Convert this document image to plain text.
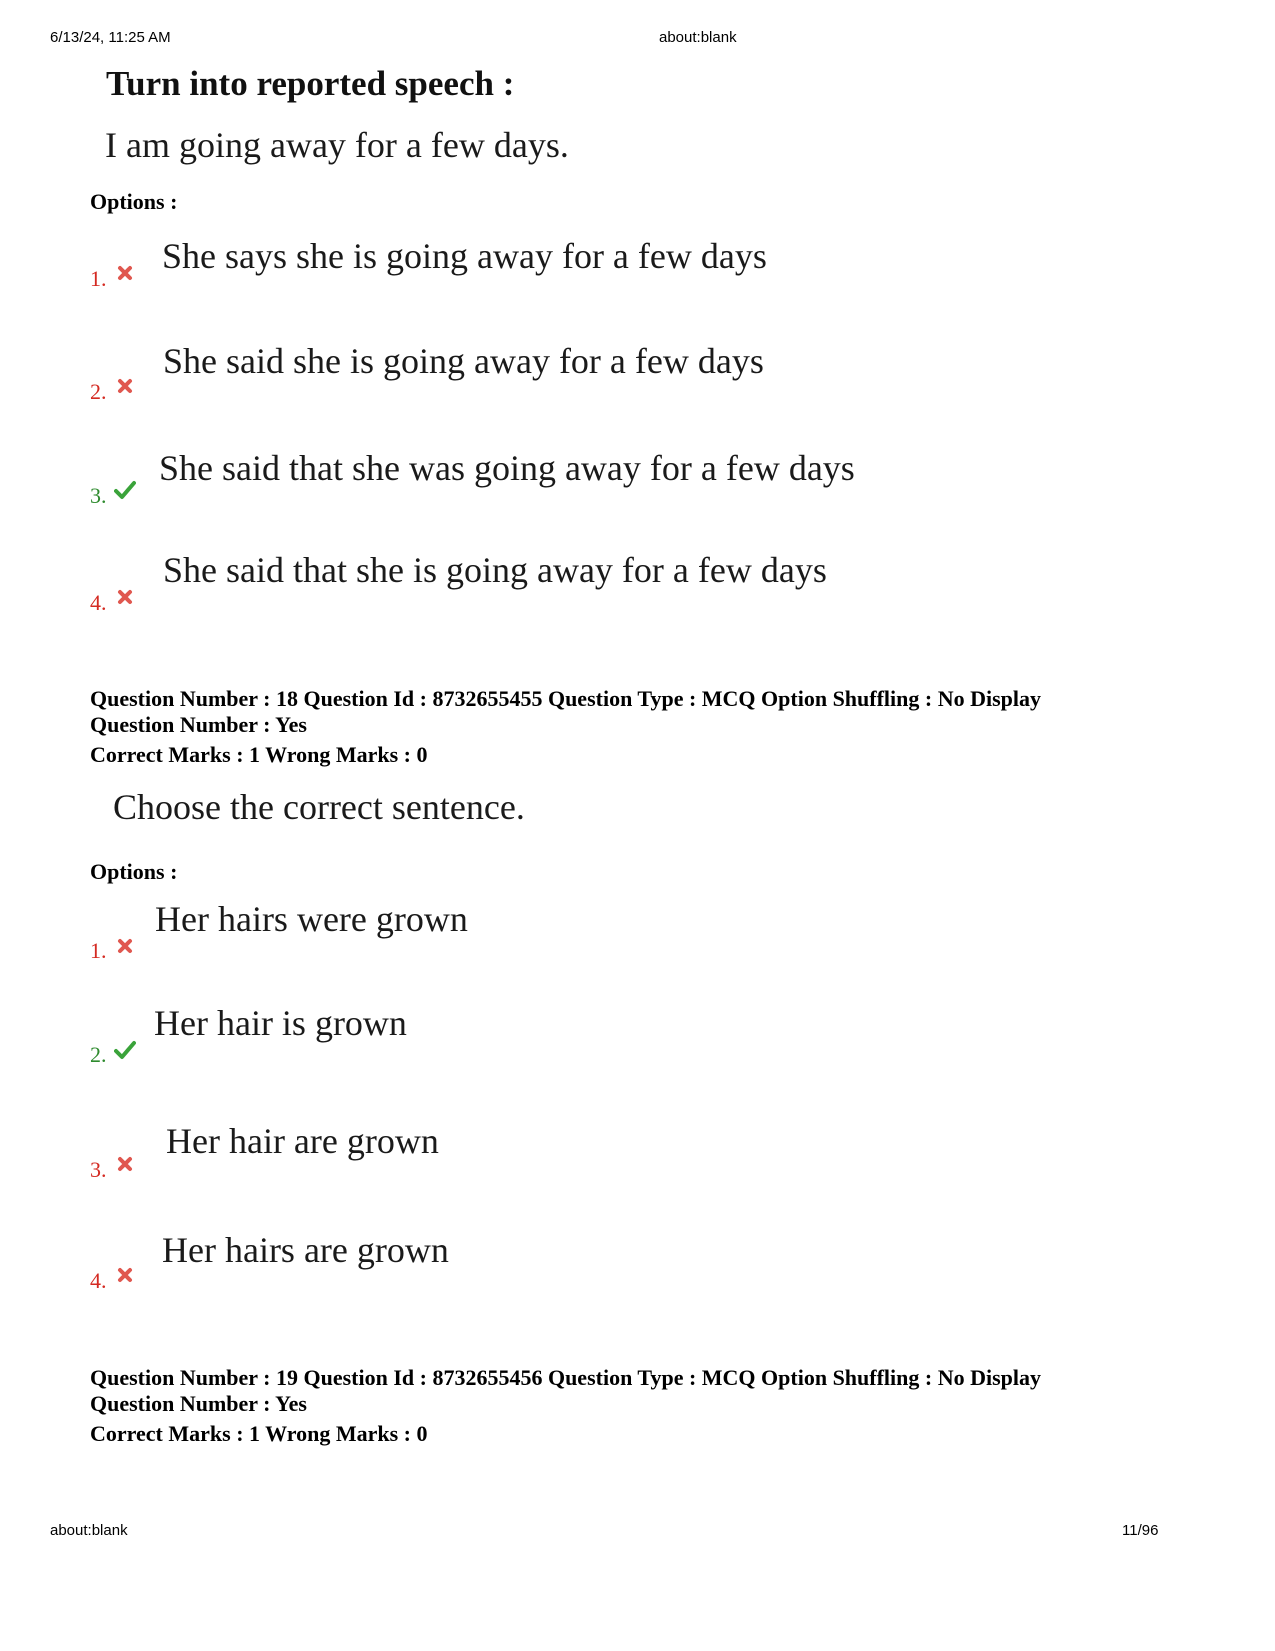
6/13/24, 11:25 AM	about:blank
Turn into reported speech :
I am going away for a few days.
Options :
1.
She says she is going away for a few days
2.
She said she is going away for a few days
3.
She said that she was going away for a few days
4.
She said that she is going away for a few days
Question Number : 18 Question Id : 8732655455 Question Type : MCQ Option Shuffling : No Display
Question Number : Yes
Correct Marks : 1 Wrong Marks : 0
Choose the correct sentence.
Options :
1.
Her hairs were grown
2.
Her hair is grown
3.
Her hair are grown
4.
Her hairs are grown
Question Number : 19 Question Id : 8732655456 Question Type : MCQ Option Shuffling : No Display
Question Number : Yes
Correct Marks : 1 Wrong Marks : 0
about:blank	11/96
